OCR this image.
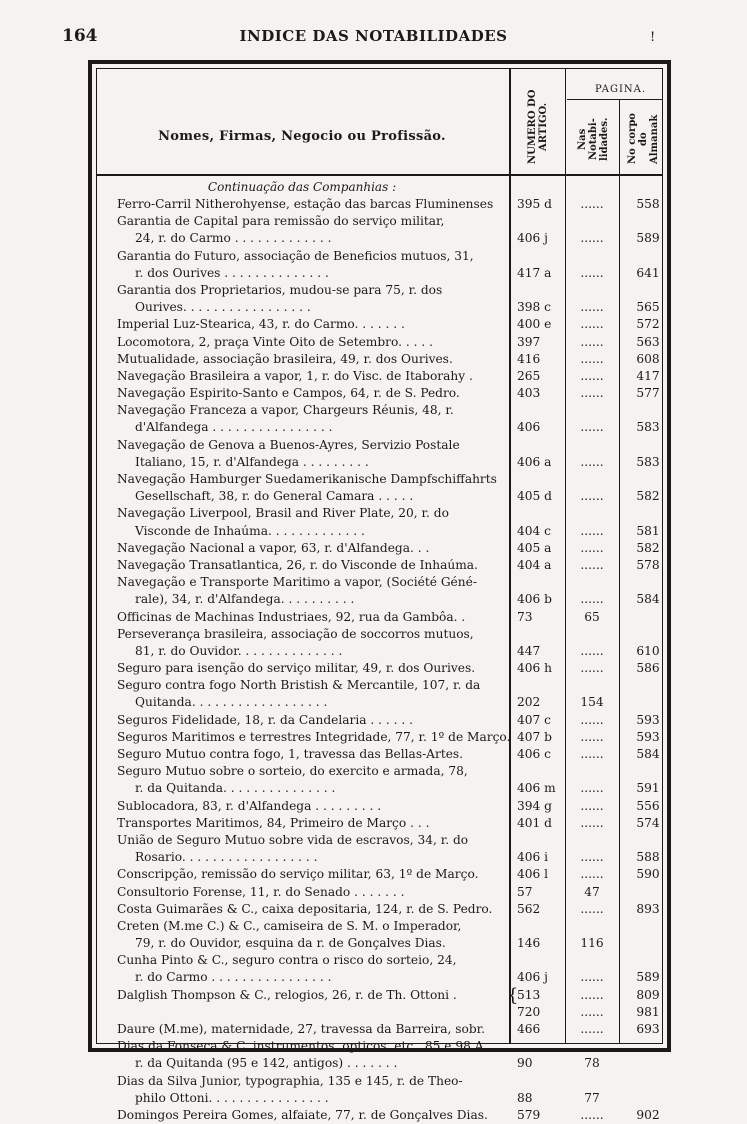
164	INDICE DAS NOTABILIDADES	!
Nomes, Firmas, Negocio ou Profissão.	NUMERO DO ARTIGO.
PAGINA.
Nas Notabi- lidades. No corpo do Almanak
Continuação das Companhias :
Ferro-Carril Nitherohyense, estação das barcas Fluminenses	395 d	......	558
Garantia de Capital para remissão do serviço militar,
24, r. do Carmo . . . . . . . . . . . . .	406 j	......	589
Garantia do Futuro, associação de Beneficios mutuos, 31,
r. dos Ourives . . . . . . . . . . . . . .	417 a	......	641
Garantia dos Proprietarios, mudou-se para 75, r. dos
Ourives. . . . . . . . . . . . . . . . .	398 c	......	565
Imperial Luz-Stearica, 43, r. do Carmo. . . . . . .	400 e	......	572
Locomotora, 2, praça Vinte Oito de Setembro. . . . .	397	......	563
Mutualidade, associação brasileira, 49, r. dos Ourives.	416	......	608
Navegação Brasileira a vapor, 1, r. do Visc. de Itaborahy .	265	......	417
Navegação Espirito-Santo e Campos, 64, r. de S. Pedro.	403	......	577
Navegação Franceza a vapor, Chargeurs Réunis, 48, r.
d'Alfandega . . . . . . . . . . . . . . . .	406	......	583
Navegação de Genova a Buenos-Ayres, Servizio Postale
Italiano, 15, r. d'Alfandega . . . . . . . . .	406 a	......	583
Navegação Hamburger Suedamerikanische Dampfschiffahrts
Gesellschaft, 38, r. do General Camara . . . . .	405 d	......	582
Navegação Liverpool, Brasil and River Plate, 20, r. do
Visconde de Inhaúma. . . . . . . . . . . . .	404 c	......	581
Navegação Nacional a vapor, 63, r. d'Alfandega. . .	405 a	......	582
Navegação Transatlantica, 26, r. do Visconde de Inhaúma.	404 a	......	578
Navegação e Transporte Maritimo a vapor, (Société Géné-
rale), 34, r. d'Alfandega. . . . . . . . . .	406 b	......	584
Officinas de Machinas Industriaes, 92, rua da Gambôa. .	73	65
Perseverança brasileira, associação de soccorros mutuos,
81, r. do Ouvidor. . . . . . . . . . . . . .	447	......	610
Seguro para isenção do serviço militar, 49, r. dos Ourives.	406 h	......	586
Seguro contra fogo North Bristish & Mercantile, 107, r. da
Quitanda. . . . . . . . . . . . . . . . . .	202	154
Seguros Fidelidade, 18, r. da Candelaria . . . . . .	407 c	......	593
Seguros Maritimos e terrestres Integridade, 77, r. 1º de Março. 407 b	......	593
Seguro Mutuo contra fogo, 1, travessa das Bellas-Artes.	406 c	......	584
Seguro Mutuo sobre o sorteio, do exercito e armada, 78,
r. da Quitanda. . . . . . . . . . . . . . .	406 m	......	591
Sublocadora, 83, r. d'Alfandega . . . . . . . . .	394 g	......	556
Transportes Maritimos, 84, Primeiro de Março . . .	401 d	......	574
União de Seguro Mutuo sobre vida de escravos, 34, r. do
Rosario. . . . . . . . . . . . . . . . . .	406 i	......	588
Conscripção, remissão do serviço militar, 63, 1º de Março.	406 l	......	590
Consultorio Forense, 11, r. do Senado . . . . . . .	57	47
Costa Guimarães & C., caixa depositaria, 124, r. de S. Pedro.	562	......	893
Creten (M.me C.) & C., camiseira de S. M. o Imperador,
79, r. do Ouvidor, esquina da r. de Gonçalves Dias.	146	116
Cunha Pinto & C., seguro contra o risco do sorteio, 24,
r. do Carmo . . . . . . . . . . . . . . . .	406 j	......	589
Dalglish Thompson & C., relogios, 26, r. de Th. Ottoni .	513	......	809
{
720	......	981
Daure (M.me), maternidade, 27, travessa da Barreira, sobr.	466	......	693
Dias da Fonseca & C, instrumentos, opticos, etc., 85 e 98 A,
r. da Quitanda (95 e 142, antigos) . . . . . . .	90	78
Dias da Silva Junior, typographia, 135 e 145, r. de Theo-
philo Ottoni. . . . . . . . . . . . . . . .	88	77
Domingos Pereira Gomes, alfaiate, 77, r. de Gonçalves Dias.	579	......	902
